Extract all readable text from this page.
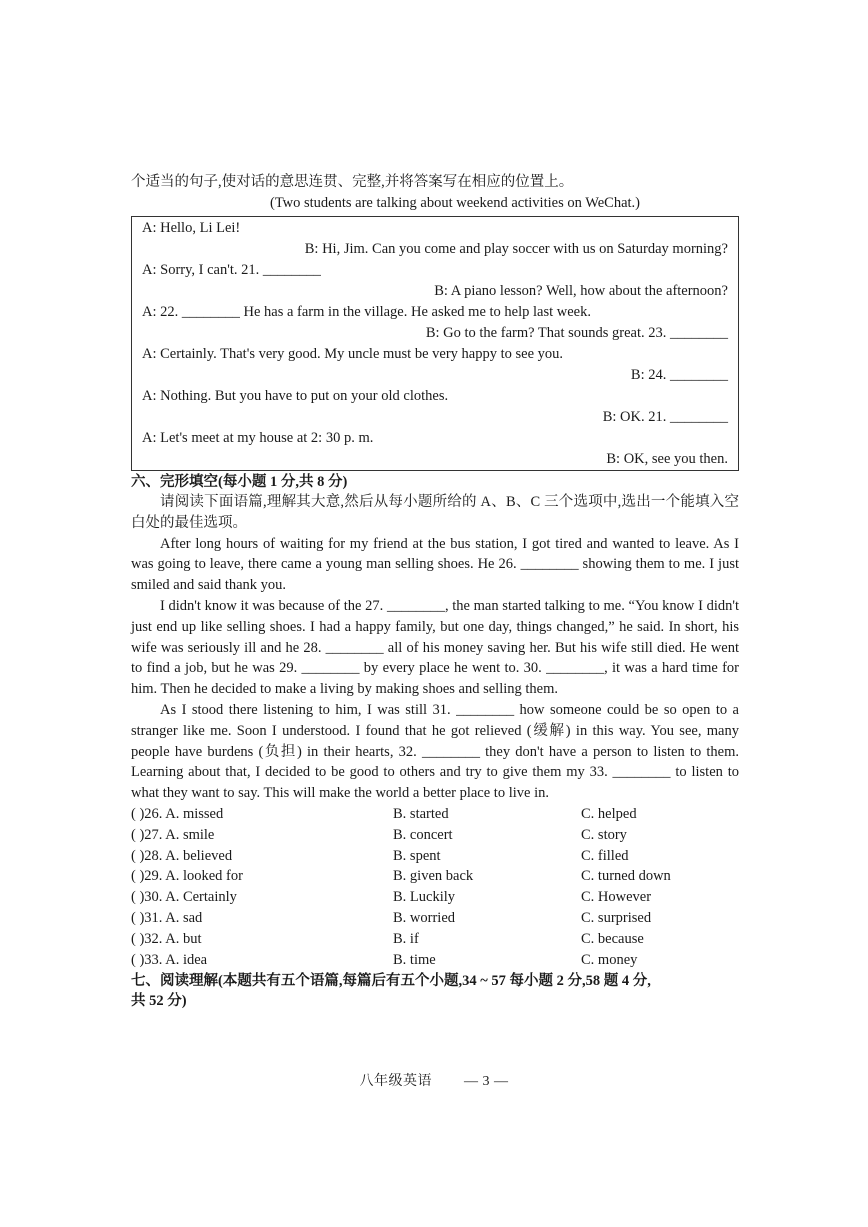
个适当的句子,使对话的意思连贯、完整,并将答案写在相应的位置上。
(Two students are talking about weekend activities on WeChat.)
A: Hello, Li Lei!
B: Hi, Jim. Can you come and play soccer with us on Saturday morning?
A: Sorry, I can't. 21. ________
B: A piano lesson? Well, how about the afternoon?
A: 22. ________ He has a farm in the village. He asked me to help last week.
B: Go to the farm? That sounds great. 23. ________
A: Certainly. That's very good. My uncle must be very happy to see you.
B: 24. ________
A: Nothing. But you have to put on your old clothes.
B: OK. 21. ________
A: Let's meet at my house at 2: 30 p. m.
B: OK, see you then.
六、完形填空(每小题 1 分,共 8 分)
请阅读下面语篇,理解其大意,然后从每小题所给的 A、B、C 三个选项中,选出一个能填入空白处的最佳选项。
After long hours of waiting for my friend at the bus station, I got tired and wanted to leave. As I was going to leave, there came a young man selling shoes. He 26. ________ showing them to me. I just smiled and said thank you.
I didn't know it was because of the 27. ________, the man started talking to me. “You know I didn't just end up like selling shoes. I had a happy family, but one day, things changed,” he said. In short, his wife was seriously ill and he 28. ________ all of his money saving her. But his wife still died. He went to find a job, but he was 29. ________ by every place he went to. 30. ________, it was a hard time for him. Then he decided to make a living by making shoes and selling them.
As I stood there listening to him, I was still 31. ________ how someone could be so open to a stranger like me. Soon I understood. I found that he got relieved (缓解) in this way. You see, many people have burdens (负担) in their hearts, 32. ________ they don't have a person to listen to them. Learning about that, I decided to be good to others and try to give them my 33. ________ to listen to what they want to say. This will make the world a better place to live in.
( )26. A. missed	B. started	C. helped
( )27. A. smile	B. concert	C. story
( )28. A. believed	B. spent	C. filled
( )29. A. looked for	B. given back	C. turned down
( )30. A. Certainly	B. Luckily	C. However
( )31. A. sad	B. worried	C. surprised
( )32. A. but	B. if	C. because
( )33. A. idea	B. time	C. money
七、阅读理解(本题共有五个语篇,每篇后有五个小题,34 ~ 57 每小题 2 分,58 题 4 分,
共 52 分)
八年级英语 — 3 —
